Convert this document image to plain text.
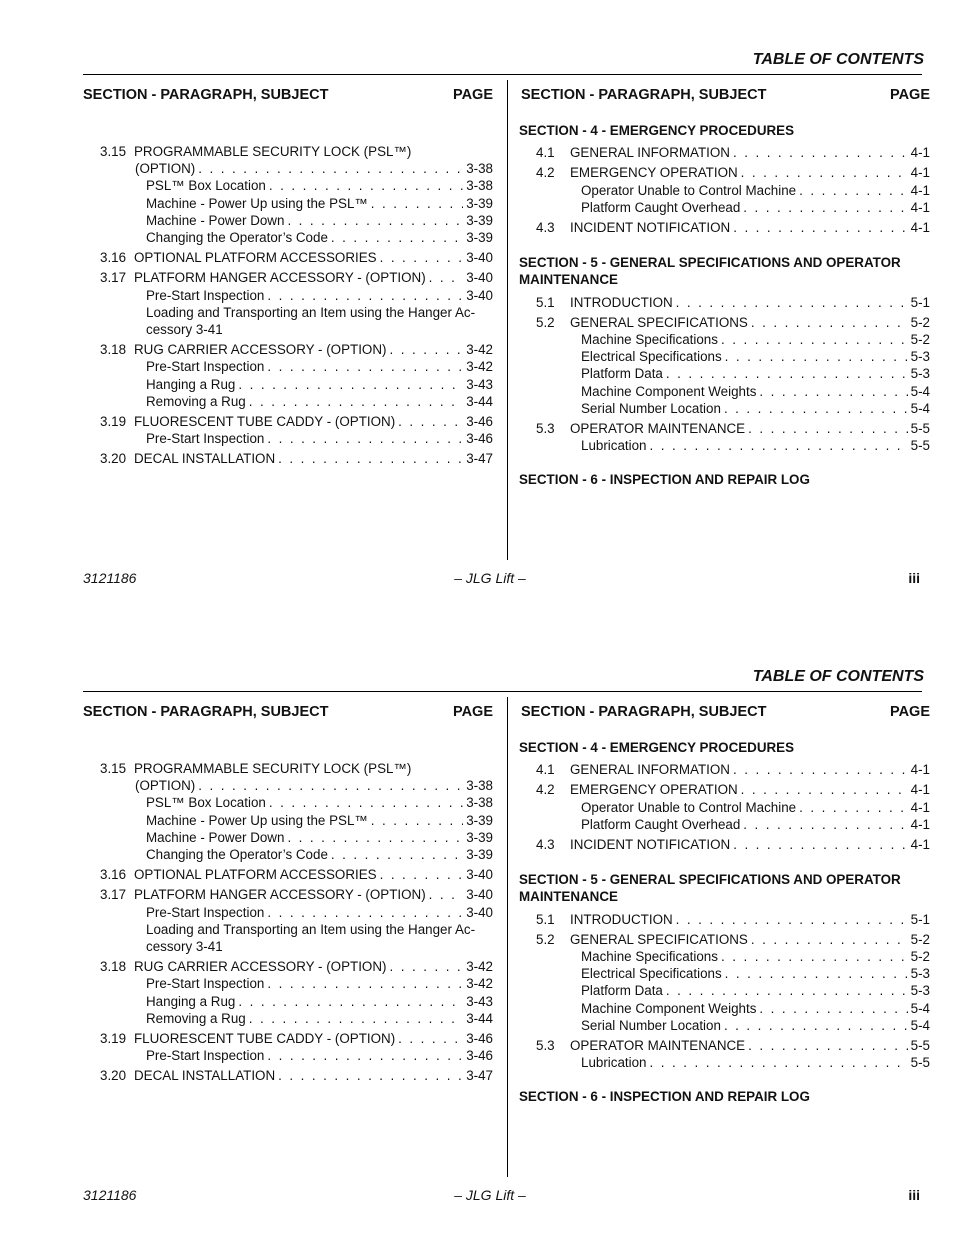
TABLE OF CONTENTS
SECTION - PARAGRAPH, SUBJECT	PAGE
3.15 PROGRAMMABLE SECURITY LOCK (PSL™)
(OPTION) . . .	3-38
PSL™ Box Location . . .	3-38
Machine - Power Up using the PSL™ . . .	3-39
Machine - Power Down . . .	3-39
Changing the Operator’s Code . . .	3-39
3.16 OPTIONAL PLATFORM ACCESSORIES . . .	3-40
3.17 PLATFORM HANGER ACCESSORY - (OPTION) . . .	3-40
Pre-Start Inspection . . .	3-40
Loading and Transporting an Item using the Hanger Ac-
cessory 3-41
3.18 RUG CARRIER ACCESSORY - (OPTION) . . .	3-42
Pre-Start Inspection . . .	3-42
Hanging a Rug . . .	3-43
Removing a Rug . . .	3-44
3.19 FLUORESCENT TUBE CADDY - (OPTION) . . .	3-46
Pre-Start Inspection . . .	3-46
3.20 DECAL INSTALLATION . . .	3-47
SECTION - PARAGRAPH, SUBJECT	PAGE
SECTION - 4 - EMERGENCY PROCEDURES
4.1	GENERAL INFORMATION . . .	4-1
4.2	EMERGENCY OPERATION . . .	4-1
Operator Unable to Control Machine . . .	4-1
Platform Caught Overhead . . .	4-1
4.3	INCIDENT NOTIFICATION . . .	4-1
SECTION - 5 - GENERAL SPECIFICATIONS AND OPERATOR
MAINTENANCE
5.1	INTRODUCTION . . .	5-1
5.2	GENERAL SPECIFICATIONS . . .	5-2
Machine Specifications . . .	5-2
Electrical Specifications . . .	5-3
Platform Data . . .	5-3
Machine Component Weights . . .	5-4
Serial Number Location . . .	5-4
5.3	OPERATOR MAINTENANCE . . .	5-5
Lubrication . . .	5-5
SECTION - 6 - INSPECTION AND REPAIR LOG
3121186	– JLG Lift –	iii
TABLE OF CONTENTS
SECTION - PARAGRAPH, SUBJECT	PAGE
3.15 PROGRAMMABLE SECURITY LOCK (PSL™)
(OPTION) . . .	3-38
PSL™ Box Location . . .	3-38
Machine - Power Up using the PSL™ . . .	3-39
Machine - Power Down . . .	3-39
Changing the Operator’s Code . . .	3-39
3.16 OPTIONAL PLATFORM ACCESSORIES . . .	3-40
3.17 PLATFORM HANGER ACCESSORY - (OPTION) . . .	3-40
Pre-Start Inspection . . .	3-40
Loading and Transporting an Item using the Hanger Ac-
cessory 3-41
3.18 RUG CARRIER ACCESSORY - (OPTION) . . .	3-42
Pre-Start Inspection . . .	3-42
Hanging a Rug . . .	3-43
Removing a Rug . . .	3-44
3.19 FLUORESCENT TUBE CADDY - (OPTION) . . .	3-46
Pre-Start Inspection . . .	3-46
3.20 DECAL INSTALLATION . . .	3-47
SECTION - PARAGRAPH, SUBJECT	PAGE
SECTION - 4 - EMERGENCY PROCEDURES
4.1	GENERAL INFORMATION . . .	4-1
4.2	EMERGENCY OPERATION . . .	4-1
Operator Unable to Control Machine . . .	4-1
Platform Caught Overhead . . .	4-1
4.3	INCIDENT NOTIFICATION . . .	4-1
SECTION - 5 - GENERAL SPECIFICATIONS AND OPERATOR
MAINTENANCE
5.1	INTRODUCTION . . .	5-1
5.2	GENERAL SPECIFICATIONS . . .	5-2
Machine Specifications . . .	5-2
Electrical Specifications . . .	5-3
Platform Data . . .	5-3
Machine Component Weights . . .	5-4
Serial Number Location . . .	5-4
5.3	OPERATOR MAINTENANCE . . .	5-5
Lubrication . . .	5-5
SECTION - 6 - INSPECTION AND REPAIR LOG
3121186	– JLG Lift –	iii
